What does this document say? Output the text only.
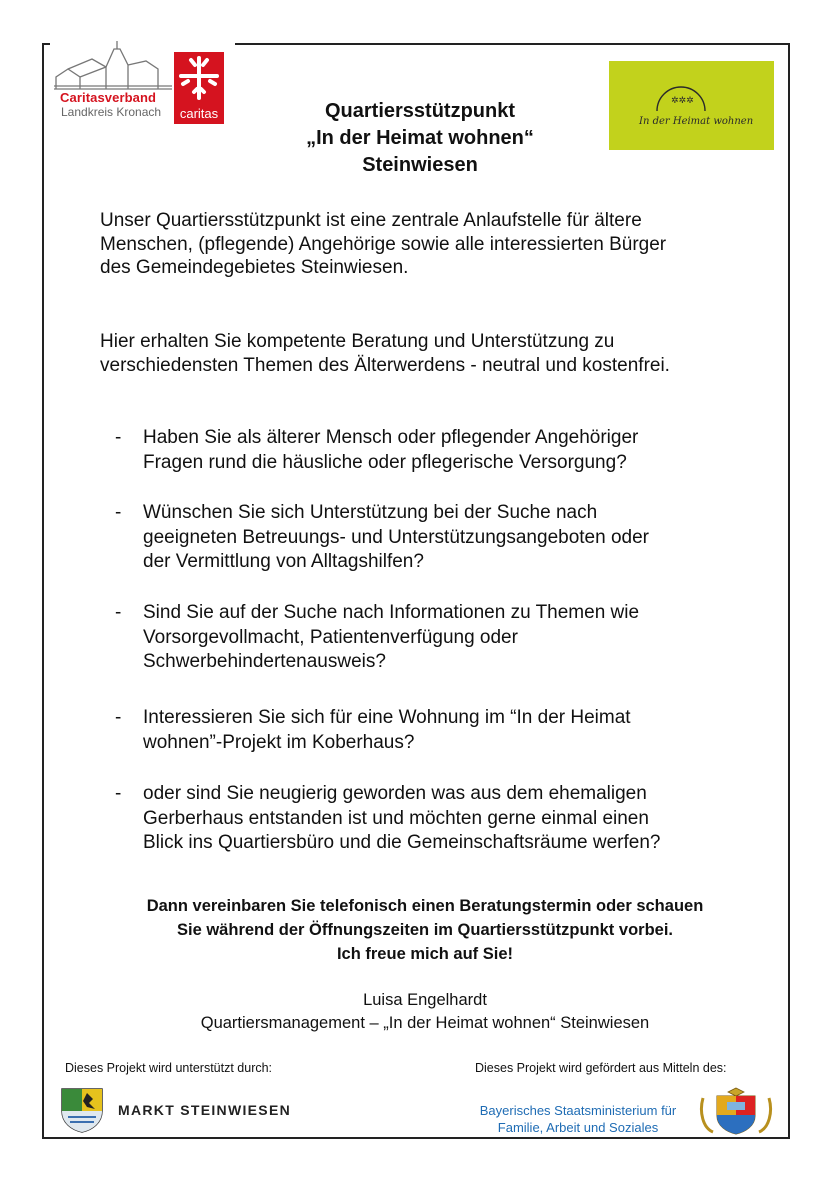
Caritasverband
Landkreis Kronach	caritas
✲✲✲
In der Heimat wohnen
Quartiersstützpunkt
„In der Heimat wohnen“
Steinwiesen
Unser Quartiersstützpunkt ist eine zentrale Anlaufstelle für ältere
Menschen, (pflegende) Angehörige sowie alle interessierten Bürger
des Gemeindegebietes Steinwiesen.
Hier erhalten Sie kompetente Beratung und Unterstützung zu
verschiedensten Themen des Älterwerdens - neutral und kostenfrei.
- Haben Sie als älterer Mensch oder pflegender Angehöriger
Fragen rund die häusliche oder pflegerische Versorgung?
- Wünschen Sie sich Unterstützung bei der Suche nach
geeigneten Betreuungs- und Unterstützungsangeboten oder
der Vermittlung von Alltagshilfen?
- Sind Sie auf der Suche nach Informationen zu Themen wie
Vorsorgevollmacht, Patientenverfügung oder
Schwerbehindertenausweis?
- Interessieren Sie sich für eine Wohnung im “In der Heimat
wohnen”-Projekt im Koberhaus?
- oder sind Sie neugierig geworden was aus dem ehemaligen
Gerberhaus entstanden ist und möchten gerne einmal einen
Blick ins Quartiersbüro und die Gemeinschaftsräume werfen?
Dann vereinbaren Sie telefonisch einen Beratungstermin oder schauen
Sie während der Öffnungszeiten im Quartiersstützpunkt vorbei.
Ich freue mich auf Sie!
Luisa Engelhardt
Quartiersmanagement – „In der Heimat wohnen“ Steinwiesen
Dieses Projekt wird unterstützt durch:	Dieses Projekt wird gefördert aus Mitteln des:
MARKT STEINWIESEN	Bayerisches Staatsministerium für
Familie, Arbeit und Soziales
